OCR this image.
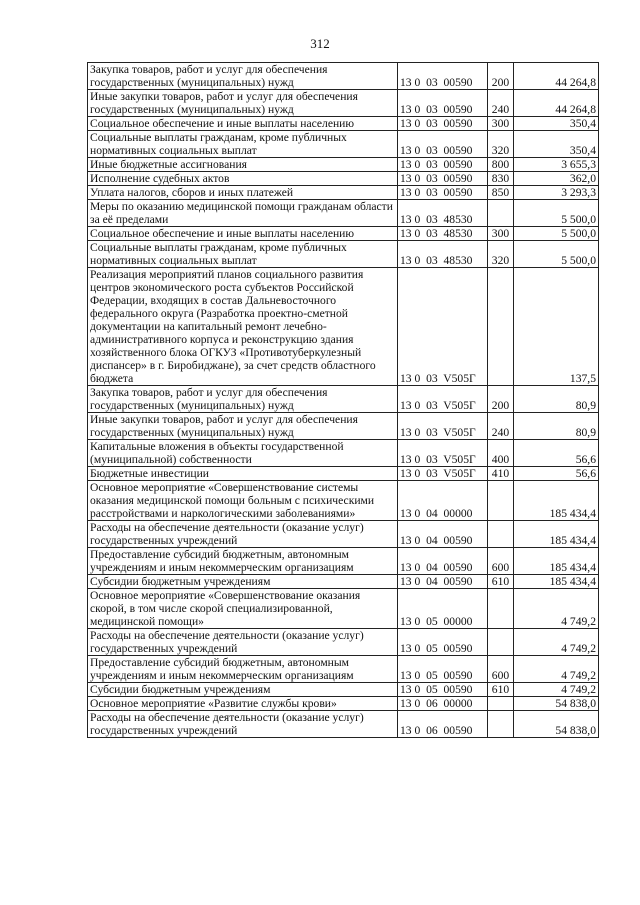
312
Закупка товаров, работ и услуг для обеспечения государственных (муниципальных) нужд	13 0  03  00590	200	44 264,8
Иные закупки товаров, работ и услуг для обеспечения государственных (муниципальных) нужд	13 0  03  00590	240	44 264,8
Социальное обеспечение и иные выплаты населению	13 0  03  00590	300	350,4
Социальные выплаты гражданам, кроме публичных нормативных социальных выплат	13 0  03  00590	320	350,4
Иные бюджетные ассигнования	13 0  03  00590	800	3 655,3
Исполнение судебных актов	13 0  03  00590	830	362,0
Уплата налогов, сборов и иных платежей	13 0  03  00590	850	3 293,3
Меры по оказанию медицинской помощи гражданам области за её пределами	13 0  03  48530		5 500,0
Социальное обеспечение и иные выплаты населению	13 0  03  48530	300	5 500,0
Социальные выплаты гражданам, кроме публичных нормативных социальных выплат	13 0  03  48530	320	5 500,0
Реализация мероприятий планов социального развития центров экономического роста субъектов Российской Федерации, входящих в состав Дальневосточного федерального округа (Разработка проектно-сметной документации на капитальный ремонт лечебно-административного корпуса и реконструкцию здания хозяйственного блока ОГКУЗ «Противотуберкулезный диспансер» в г. Биробиджане), за счет средств областного бюджета	13 0  03  V505Г		137,5
Закупка товаров, работ и услуг для обеспечения государственных (муниципальных) нужд	13 0  03  V505Г	200	80,9
Иные закупки товаров, работ и услуг для обеспечения государственных (муниципальных) нужд	13 0  03  V505Г	240	80,9
Капитальные вложения в объекты государственной (муниципальной) собственности	13 0  03  V505Г	400	56,6
Бюджетные инвестиции	13 0  03  V505Г	410	56,6
Основное мероприятие «Совершенствование системы оказания медицинской помощи больным с психическими расстройствами и наркологическими заболеваниями»	13 0  04  00000		185 434,4
Расходы на обеспечение деятельности (оказание услуг) государственных учреждений	13 0  04  00590		185 434,4
Предоставление субсидий бюджетным, автономным учреждениям и иным некоммерческим организациям	13 0  04  00590	600	185 434,4
Субсидии бюджетным учреждениям	13 0  04  00590	610	185 434,4
Основное мероприятие «Совершенствование оказания скорой, в том числе скорой специализированной, медицинской помощи»	13 0  05  00000		4 749,2
Расходы на обеспечение деятельности (оказание услуг) государственных учреждений	13 0  05  00590		4 749,2
Предоставление субсидий бюджетным, автономным учреждениям и иным некоммерческим организациям	13 0  05  00590	600	4 749,2
Субсидии бюджетным учреждениям	13 0  05  00590	610	4 749,2
Основное мероприятие «Развитие службы крови»	13 0  06  00000		54 838,0
Расходы на обеспечение деятельности (оказание услуг) государственных учреждений	13 0  06  00590		54 838,0
